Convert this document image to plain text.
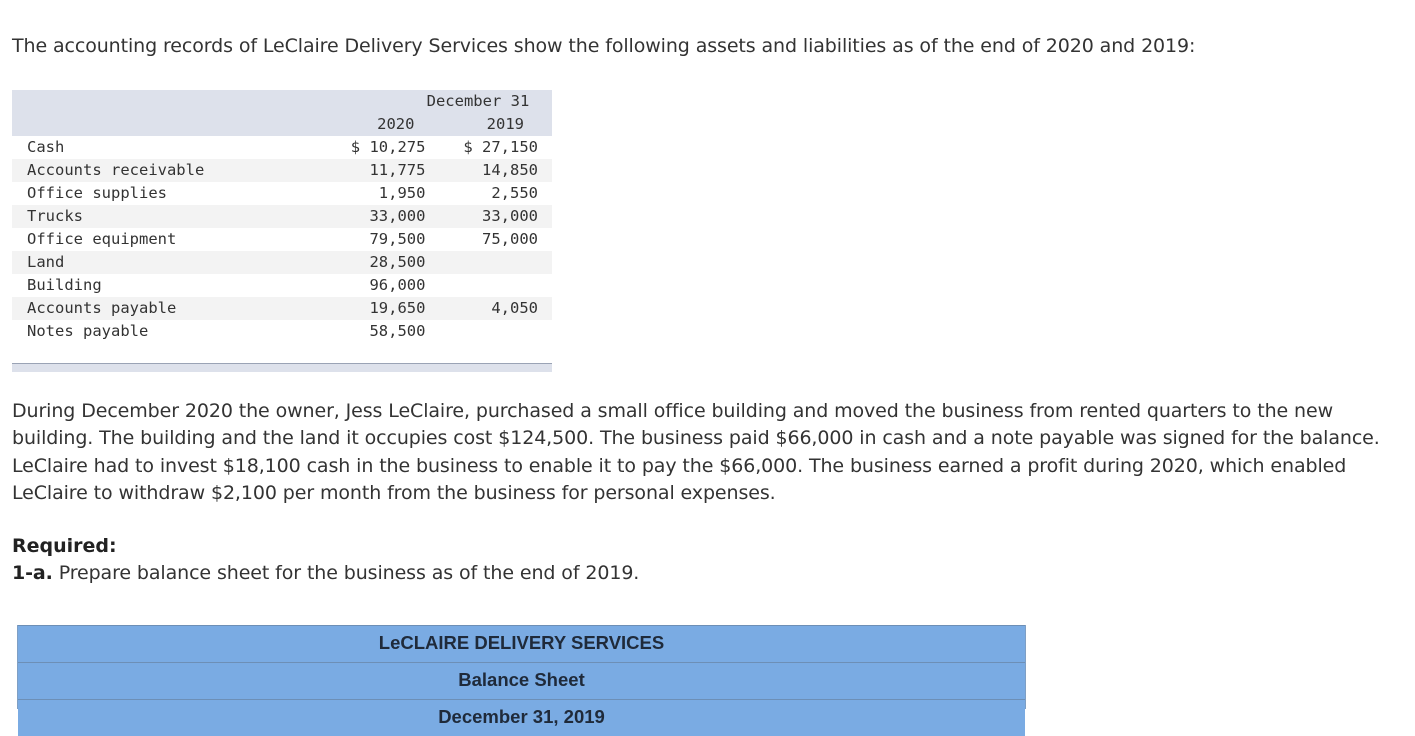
The accounting records of LeClaire Delivery Services show the following assets and liabilities as of the end of 2020 and 2019:
	December 31	
	2020	2019
Cash	$ 10,275	$ 27,150
Accounts receivable	11,775	14,850
Office supplies	1,950	2,550
Trucks	33,000	33,000
Office equipment	79,500	75,000
Land	28,500	
Building	96,000	
Accounts payable	19,650	4,050
Notes payable	58,500	

During December 2020 the owner, Jess LeClaire, purchased a small office building and moved the business from rented quarters to the new building. The building and the land it occupies cost $124,500. The business paid $66,000 in cash and a note payable was signed for the balance. LeClaire had to invest $18,100 cash in the business to enable it to pay the $66,000. The business earned a profit during 2020, which enabled LeClaire to withdraw $2,100 per month from the business for personal expenses.
Required:
1-a. Prepare balance sheet for the business as of the end of 2019.
LeCLAIRE DELIVERY SERVICES
Balance Sheet
December 31, 2019
